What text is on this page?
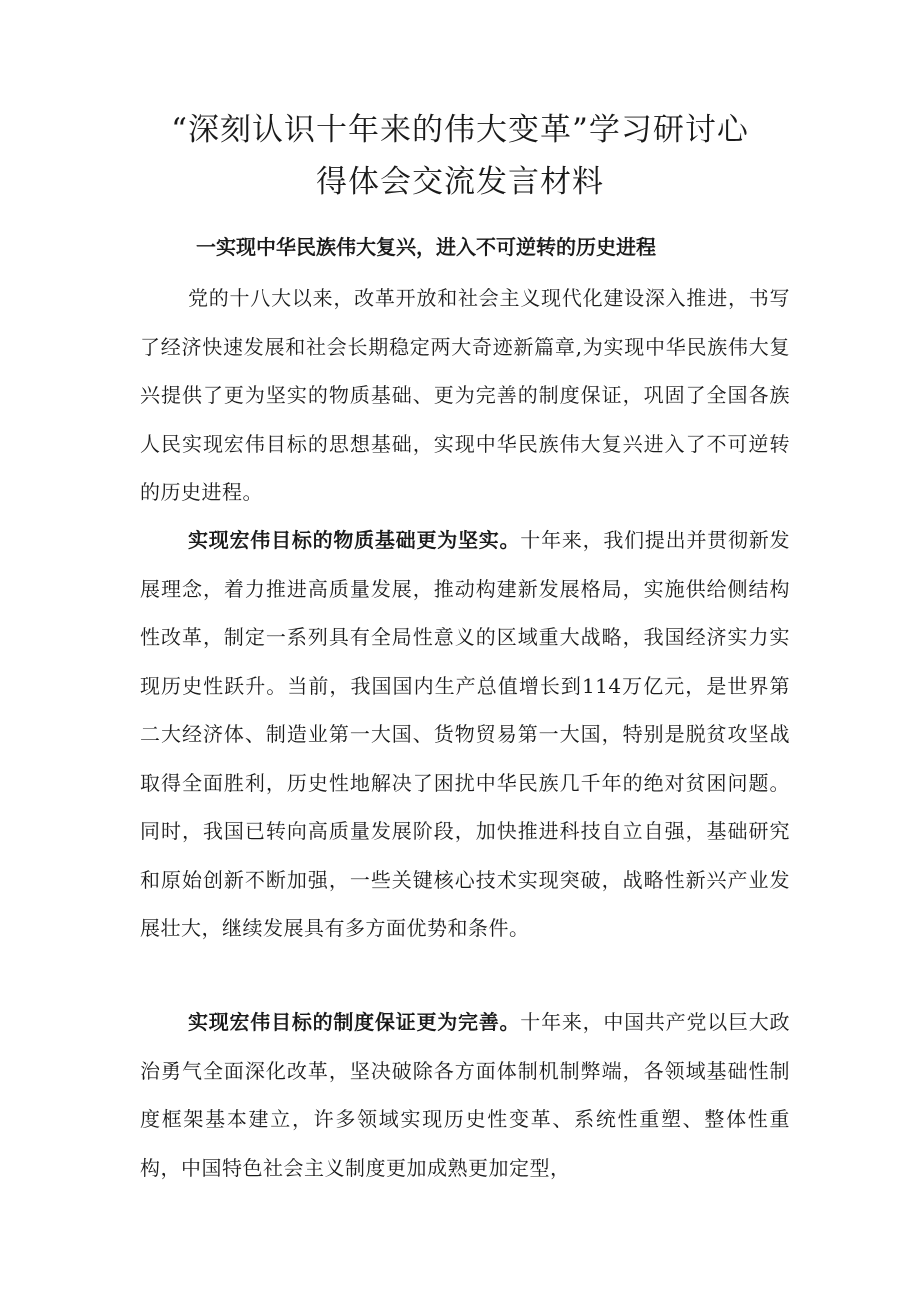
“深刻认识十年来的伟大变革”学习研讨心
得体会交流发言材料
一实现中华民族伟大复兴，进入不可逆转的历史进程

党的十八大以来，改革开放和社会主义现代化建设深入推进，书写了经济快速发展和社会长期稳定两大奇迹新篇章,为实现中华民族伟大复兴提供了更为坚实的物质基础、更为完善的制度保证，巩固了全国各族人民实现宏伟目标的思想基础，实现中华民族伟大复兴进入了不可逆转的历史进程。

实现宏伟目标的物质基础更为坚实。十年来，我们提出并贯彻新发展理念，着力推进高质量发展，推动构建新发展格局，实施供给侧结构性改革，制定一系列具有全局性意义的区域重大战略，我国经济实力实现历史性跃升。当前，我国国内生产总值增长到114万亿元，是世界第二大经济体、制造业第一大国、货物贸易第一大国，特别是脱贫攻坚战取得全面胜利，历史性地解决了困扰中华民族几千年的绝对贫困问题。同时，我国已转向高质量发展阶段，加快推进科技自立自强，基础研究和原始创新不断加强，一些关键核心技术实现突破，战略性新兴产业发展壮大，继续发展具有多方面优势和条件。

实现宏伟目标的制度保证更为完善。十年来，中国共产党以巨大政治勇气全面深化改革，坚决破除各方面体制机制弊端，各领域基础性制度框架基本建立，许多领域实现历史性变革、系统性重塑、整体性重构，中国特色社会主义制度更加成熟更加定型，
